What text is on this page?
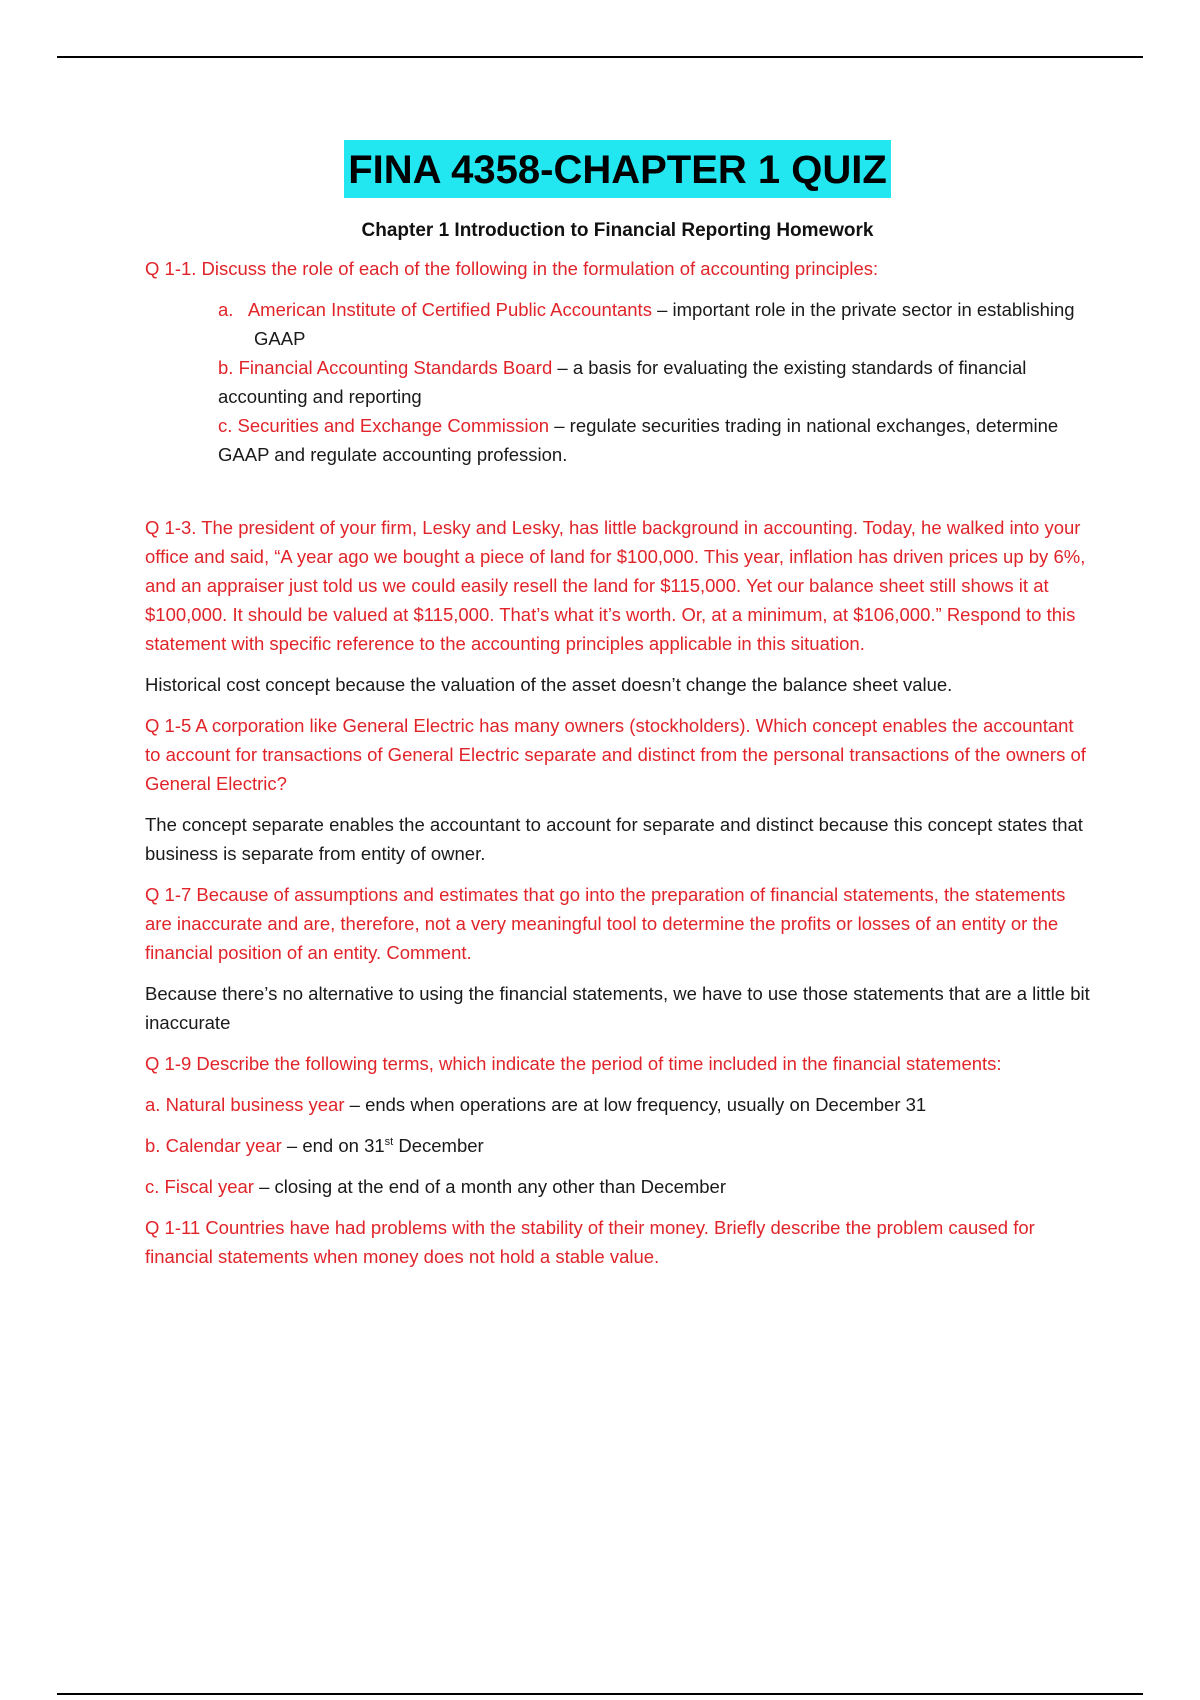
FINA 4358-CHAPTER 1 QUIZ
Chapter 1 Introduction to Financial Reporting Homework

Q 1-1. Discuss the role of each of the following in the formulation of accounting principles:

a.   American Institute of Certified Public Accountants – important role in the private sector in establishing GAAP

b. Financial Accounting Standards Board – a basis for evaluating the existing standards of financial accounting and reporting

c. Securities and Exchange Commission – regulate securities trading in national exchanges, determine GAAP and regulate accounting profession.

Q 1-3. The president of your firm, Lesky and Lesky, has little background in accounting. Today, he walked into your office and said, “A year ago we bought a piece of land for $100,000. This year, inflation has driven prices up by 6%, and an appraiser just told us we could easily resell the land for $115,000. Yet our balance sheet still shows it at $100,000. It should be valued at $115,000. That’s what it’s worth. Or, at a minimum, at $106,000.” Respond to this statement with specific reference to the accounting principles applicable in this situation.

Historical cost concept because the valuation of the asset doesn’t change the balance sheet value.

Q 1-5 A corporation like General Electric has many owners (stockholders). Which concept enables the accountant to account for transactions of General Electric separate and distinct from the personal transactions of the owners of General Electric?

The concept separate enables the accountant to account for separate and distinct because this concept states that business is separate from entity of owner.

Q 1-7 Because of assumptions and estimates that go into the preparation of financial statements, the statements are inaccurate and are, therefore, not a very meaningful tool to determine the profits or losses of an entity or the financial position of an entity. Comment.

Because there’s no alternative to using the financial statements, we have to use those statements that are a little bit inaccurate

Q 1-9 Describe the following terms, which indicate the period of time included in the financial statements:

a. Natural business year – ends when operations are at low frequency, usually on December 31

b. Calendar year – end on 31st December

c. Fiscal year – closing at the end of a month any other than December

Q 1-11 Countries have had problems with the stability of their money. Briefly describe the problem caused for financial statements when money does not hold a stable value.
